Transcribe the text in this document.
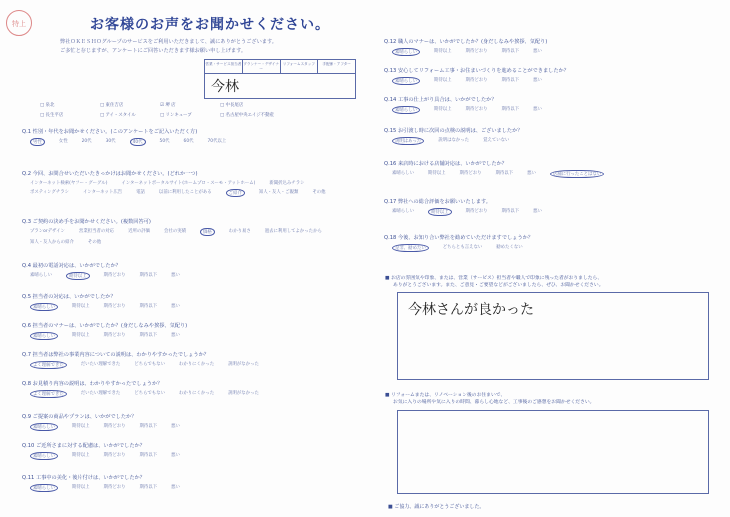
特上	お客様のお声をお聞かせください。
弊社ＯＫＥＳＨＯグループのサービスをご利用いただきまして、誠にありがとうございます。
ご多忙と存じますが、アンケートにご回答いただきます様お願い申し上げます。
営業・サービス担当者 プランナー・デザイナー
リフォームスタッフ	手配係・アフター
今林
□ 泉北	□ 東住吉店	☑ 堺 店	□ 中長尾店
□ 長生平店	□ アイ・スタイル	□ リンキューブ	□ 名古屋中央エイジ不動産
Q.1 性別・年代をお聞かせください。(このアンケートをご記入いただく方)
男性	女性	20代	30代	40代	50代	60代	70代以上
Q.2 今回、お問合せいただいたきっかけはお聞かせください。(どれか一つ)
インターネット検索(ヤフー・グーグル)	インターネットポータルサイト(ホームプロ・スーモ・アットホーム)	新聞折込みチラシ
ポスティングチラシ	インターネット広告	電話	以前に利用したことがある	ご紹介	知人・友人・ご親類	その他
Q.3 ご契約の決め手をお聞かせください。(複数回答可)
プランorデザイン	営業担当者の対応	近所の評価	会社の実績	価格	わかり易さ	過去に利用してよかったから
知人・友人からの紹介	その他
Q.4 最初の電話対応は、いかがでしたか？
素晴らしい	期待以上	期待どおり	期待以下	悪い
Q.5 担当者の対応は、いかがでしたか？
素晴らしい	期待以上	期待どおり	期待以下	悪い
Q.6 担当者のマナーは、いかがでしたか？(身だしなみや挨拶、気配り)
素晴らしい	期待以上	期待どおり	期待以下	悪い
Q.7 担当者は弊社の事業内容についての説明は、わかりやすかったでしょうか？
よく理解できた	だいたい理解できた	どちらでもない	わかりにくかった	説明がなかった
Q.8 お見積り内容の説明は、わかりやすかったでしょうか？
よく理解できた	だいたい理解できた	どちらでもない	わかりにくかった	説明がなかった
Q.9 ご提案の商品やプランは、いかがでしたか？
素晴らしい	期待以上	期待どおり	期待以下	悪い
Q.10 ご近所さまに対する配慮は、いかがでしたか？
素晴らしい	期待以上	期待どおり	期待以下	悪い
Q.11 工事中の美化・後片付けは、いかがでしたか？
素晴らしい	期待以上	期待どおり	期待以下	悪い
Q.12 職人のマナーは、いかがでしたか？(身だしなみや挨拶、気配り)
素晴らしい	期待以上	期待どおり	期待以下	悪い
Q.13 安心してリフォーム工事・お住まいづくりを進めることができましたか？
素晴らしい	期待以上	期待どおり	期待以下	悪い
Q.14 工事の仕上がり具合は、いかがでしたか？
素晴らしい	期待以上	期待どおり	期待以下	悪い
Q.15 お引渡し時に次回の点検の説明は、ございましたか？
説明はあった	説明はなかった	覚えていない
Q.16 来店時における店舗対応は、いかがでしたか？
素晴らしい	期待以上	期待どおり	期待以下	悪い	店舗に行ったことはない
Q.17 弊社への総合評価をお願いいたします。
素晴らしい	期待以上	期待どおり	期待以下	悪い
Q.18 今後、お知り合い弊社を勧めていただけますでしょうか？
是非、勧めたい	どちらとも言えない	勧めたくない
■ お店の雰囲気や印象、または、営業（サービス）担当者や職人で印象に残った者がおりましたら、
ありがとうございます。また、ご意見・ご要望などがございましたら、ぜひ、お聞かせください。
今林さんが良かった
■ リフォームまたは、リノベーション後のお住まいで、
お気に入りの場所や気に入りの時間、暮らし心地など、工事後のご感想をお聞かせください。
■ ご協力、誠にありがとうございました。
